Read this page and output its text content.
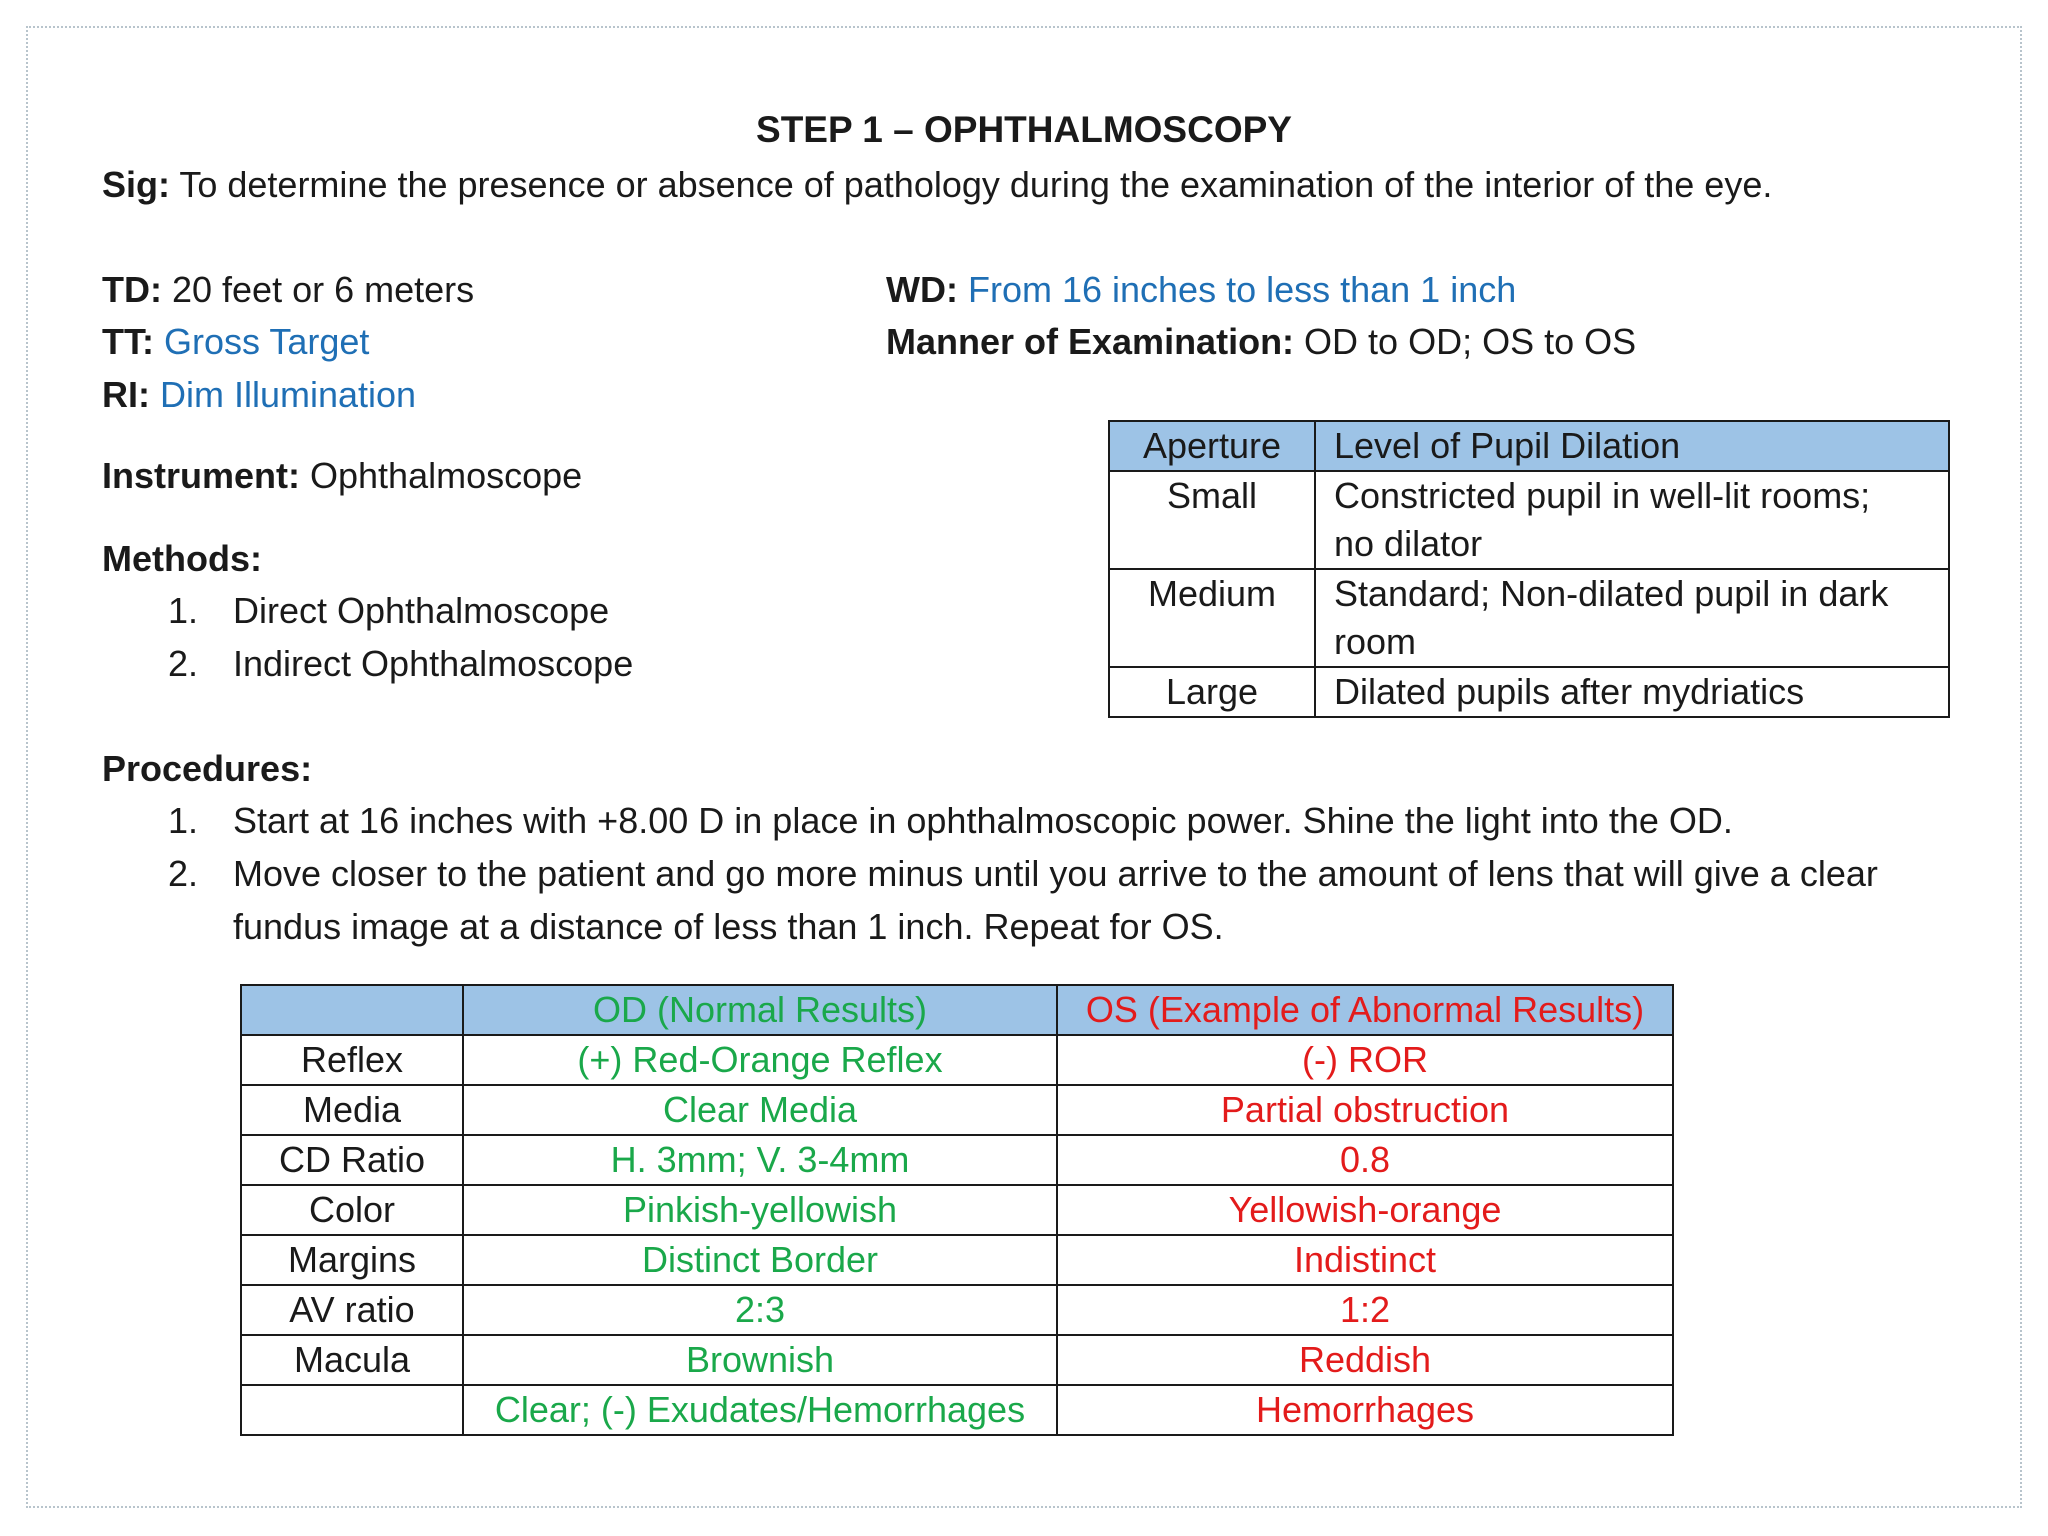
STEP 1 – OPHTHALMOSCOPY
Sig: To determine the presence or absence of pathology during the examination of the interior of the eye.
TD: 20 feet or 6 meters
TT: Gross Target
RI: Dim Illumination
WD: From 16 inches to less than 1 inch
Manner of Examination: OD to OD; OS to OS
Instrument: Ophthalmoscope
Methods:
1. Direct Ophthalmoscope
2. Indirect Ophthalmoscope
Aperture	Level of Pupil Dilation
Small	Constricted pupil in well-lit rooms;
no dilator

Medium	Standard; Non-dilated pupil in dark
room

Large	Dilated pupils after mydriatics
Procedures:
1. Start at 16 inches with +8.00 D in place in ophthalmoscopic power. Shine the light into the OD.
2. Move closer to the patient and go more minus until you arrive to the amount of lens that will give a clear
fundus image at a distance of less than 1 inch. Repeat for OS.
	OD (Normal Results)	OS (Example of Abnormal Results)
Reflex	(+) Red-Orange Reflex	(-) ROR
Media	Clear Media	Partial obstruction
CD Ratio	H. 3mm; V. 3-4mm	0.8
Color	Pinkish-yellowish	Yellowish-orange
Margins	Distinct Border	Indistinct
AV ratio	2:3	1:2
Macula	Brownish	Reddish
	Clear; (-) Exudates/Hemorrhages	Hemorrhages
